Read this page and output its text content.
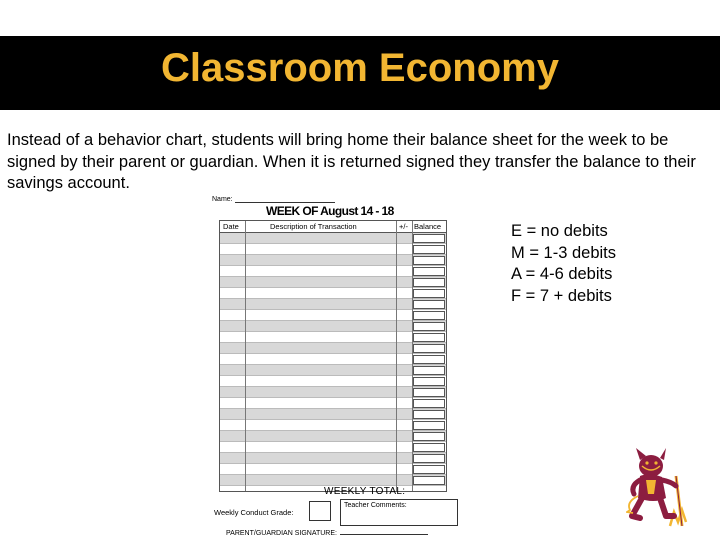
Classroom Economy

Instead of a behavior chart, students will bring home their balance sheet for the week to be signed by their parent or guardian. When it is returned signed they transfer the balance to their savings account.

Name:
WEEK OF August 14 - 18
Date	Description of Transaction	+/- Balance
WEEKLY TOTAL:
Weekly Conduct Grade:
Teacher Comments:
PARENT/GUARDIAN SIGNATURE:
E = no debits
M = 1-3 debits
A = 4-6 debits
F = 7 + debits
